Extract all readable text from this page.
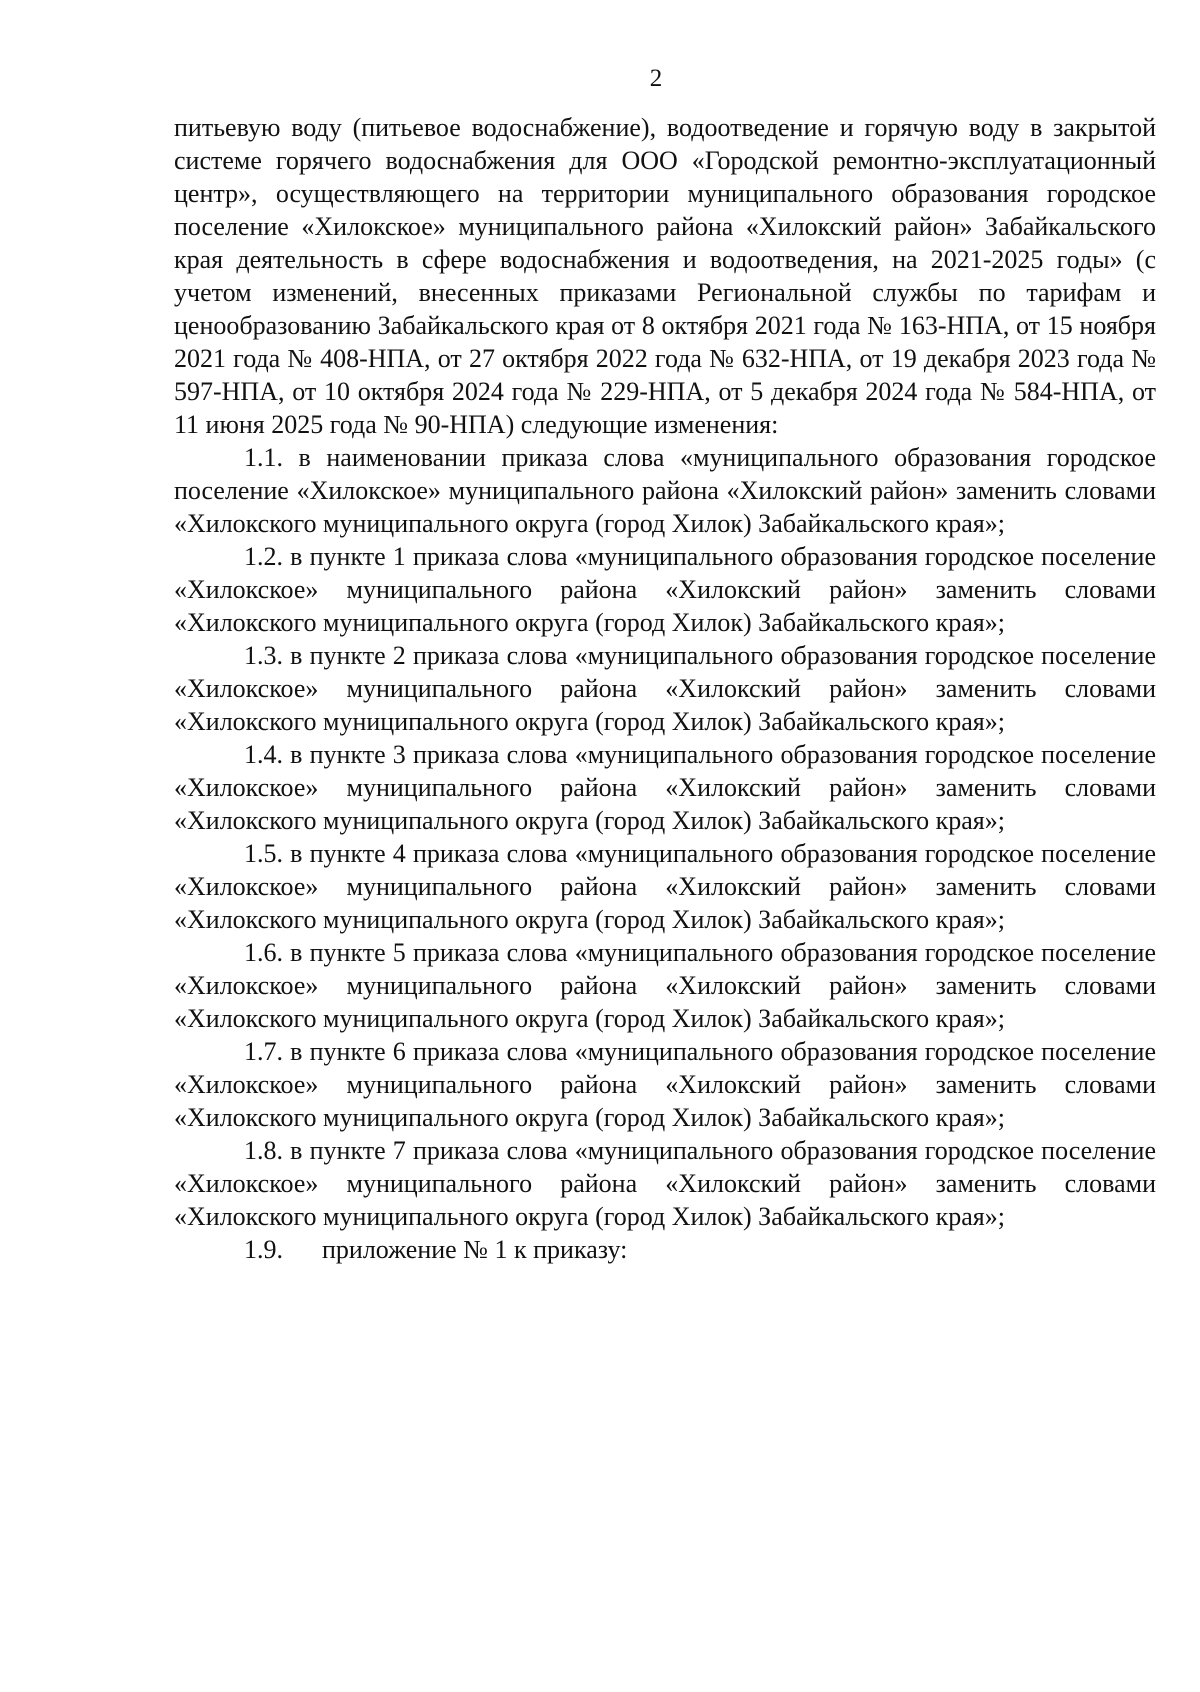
2

питьевую воду (питьевое водоснабжение), водоотведение и горячую воду в закрытой системе горячего водоснабжения для ООО «Городской ремонтно-эксплуатационный центр», осуществляющего на территории муниципального образования городское поселение «Хилокское» муниципального района «Хилокский район» Забайкальского края деятельность в сфере водоснабжения и водоотведения, на 2021-2025 годы» (с учетом изменений, внесенных приказами Региональной службы по тарифам и ценообразованию Забайкальского края от 8 октября 2021 года № 163-НПА, от 15 ноября 2021 года № 408-НПА, от 27 октября 2022 года № 632-НПА, от 19 декабря 2023 года № 597-НПА, от 10 октября 2024 года № 229-НПА, от 5 декабря 2024 года № 584-НПА, от 11 июня 2025 года № 90-НПА) следующие изменения:

1.1. в наименовании приказа слова «муниципального образования городское поселение «Хилокское» муниципального района «Хилокский район» заменить словами «Хилокского муниципального округа (город Хилок) Забайкальского края»;

1.2. в пункте 1 приказа слова «муниципального образования городское поселение «Хилокское» муниципального района «Хилокский район» заменить словами «Хилокского муниципального округа (город Хилок) Забайкальского края»;

1.3. в пункте 2 приказа слова «муниципального образования городское поселение «Хилокское» муниципального района «Хилокский район» заменить словами «Хилокского муниципального округа (город Хилок) Забайкальского края»;

1.4. в пункте 3 приказа слова «муниципального образования городское поселение «Хилокское» муниципального района «Хилокский район» заменить словами «Хилокского муниципального округа (город Хилок) Забайкальского края»;

1.5. в пункте 4 приказа слова «муниципального образования городское поселение «Хилокское» муниципального района «Хилокский район» заменить словами «Хилокского муниципального округа (город Хилок) Забайкальского края»;

1.6. в пункте 5 приказа слова «муниципального образования городское поселение «Хилокское» муниципального района «Хилокский район» заменить словами «Хилокского муниципального округа (город Хилок) Забайкальского края»;

1.7. в пункте 6 приказа слова «муниципального образования городское поселение «Хилокское» муниципального района «Хилокский район» заменить словами «Хилокского муниципального округа (город Хилок) Забайкальского края»;

1.8. в пункте 7 приказа слова «муниципального образования городское поселение «Хилокское» муниципального района «Хилокский район» заменить словами «Хилокского муниципального округа (город Хилок) Забайкальского края»;

1.9. приложение № 1 к приказу:
